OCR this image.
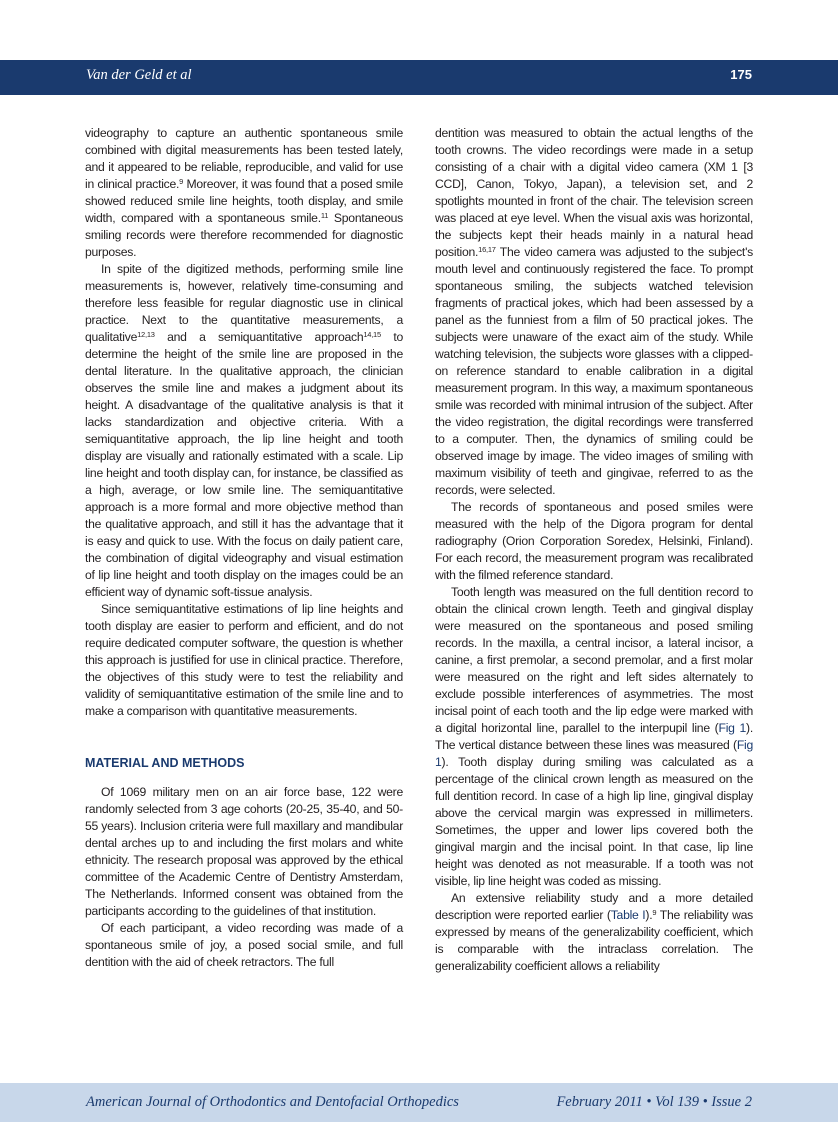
Van der Geld et al	175

videography to capture an authentic spontaneous smile combined with digital measurements has been tested lately, and it appeared to be reliable, reproducible, and valid for use in clinical practice.$^9$ Moreover, it was found that a posed smile showed reduced smile line heights, tooth display, and smile width, compared with a spontaneous smile.$^{11}$ Spontaneous smiling records were therefore recommended for diagnostic purposes.

In spite of the digitized methods, performing smile line measurements is, however, relatively time-consuming and therefore less feasible for regular diagnostic use in clinical practice. Next to the quantitative measurements, a qualitative$^{12,13}$ and a semiquantitative approach$^{14,15}$ to determine the height of the smile line are proposed in the dental literature. In the qualitative approach, the clinician observes the smile line and makes a judgment about its height. A disadvantage of the qualitative analysis is that it lacks standardization and objective criteria. With a semiquantitative approach, the lip line height and tooth display are visually and rationally estimated with a scale. Lip line height and tooth display can, for instance, be classified as a high, average, or low smile line. The semiquantitative approach is a more formal and more objective method than the qualitative approach, and still it has the advantage that it is easy and quick to use. With the focus on daily patient care, the combination of digital videography and visual estimation of lip line height and tooth display on the images could be an efficient way of dynamic soft-tissue analysis.

Since semiquantitative estimations of lip line heights and tooth display are easier to perform and efficient, and do not require dedicated computer software, the question is whether this approach is justified for use in clinical practice. Therefore, the objectives of this study were to test the reliability and validity of semiquantitative estimation of the smile line and to make a comparison with quantitative measurements.

MATERIAL AND METHODS

Of 1069 military men on an air force base, 122 were randomly selected from 3 age cohorts (20-25, 35-40, and 50-55 years). Inclusion criteria were full maxillary and mandibular dental arches up to and including the first molars and white ethnicity. The research proposal was approved by the ethical committee of the Academic Centre of Dentistry Amsterdam, The Netherlands. Informed consent was obtained from the participants according to the guidelines of that institution.

Of each participant, a video recording was made of a spontaneous smile of joy, a posed social smile, and full dentition with the aid of cheek retractors. The full

dentition was measured to obtain the actual lengths of the tooth crowns. The video recordings were made in a setup consisting of a chair with a digital video camera (XM 1 [3 CCD], Canon, Tokyo, Japan), a television set, and 2 spotlights mounted in front of the chair. The television screen was placed at eye level. When the visual axis was horizontal, the subjects kept their heads mainly in a natural head position.$^{16,17}$ The video camera was adjusted to the subject's mouth level and continuously registered the face. To prompt spontaneous smiling, the subjects watched television fragments of practical jokes, which had been assessed by a panel as the funniest from a film of 50 practical jokes. The subjects were unaware of the exact aim of the study. While watching television, the subjects wore glasses with a clipped-on reference standard to enable calibration in a digital measurement program. In this way, a maximum spontaneous smile was recorded with minimal intrusion of the subject. After the video registration, the digital recordings were transferred to a computer. Then, the dynamics of smiling could be observed image by image. The video images of smiling with maximum visibility of teeth and gingivae, referred to as the records, were selected.

The records of spontaneous and posed smiles were measured with the help of the Digora program for dental radiography (Orion Corporation Soredex, Helsinki, Finland). For each record, the measurement program was recalibrated with the filmed reference standard.

Tooth length was measured on the full dentition record to obtain the clinical crown length. Teeth and gingival display were measured on the spontaneous and posed smiling records. In the maxilla, a central incisor, a lateral incisor, a canine, a first premolar, a second premolar, and a first molar were measured on the right and left sides alternately to exclude possible interferences of asymmetries. The most incisal point of each tooth and the lip edge were marked with a digital horizontal line, parallel to the interpupil line (Fig 1). The vertical distance between these lines was measured (Fig 1). Tooth display during smiling was calculated as a percentage of the clinical crown length as measured on the full dentition record. In case of a high lip line, gingival display above the cervical margin was expressed in millimeters. Sometimes, the upper and lower lips covered both the gingival margin and the incisal point. In that case, lip line height was denoted as not measurable. If a tooth was not visible, lip line height was coded as missing.

An extensive reliability study and a more detailed description were reported earlier (Table I).$^9$ The reliability was expressed by means of the generalizability coefficient, which is comparable with the intraclass correlation. The generalizability coefficient allows a reliability

American Journal of Orthodontics and Dentofacial Orthopedics	February 2011 • Vol 139 • Issue 2
